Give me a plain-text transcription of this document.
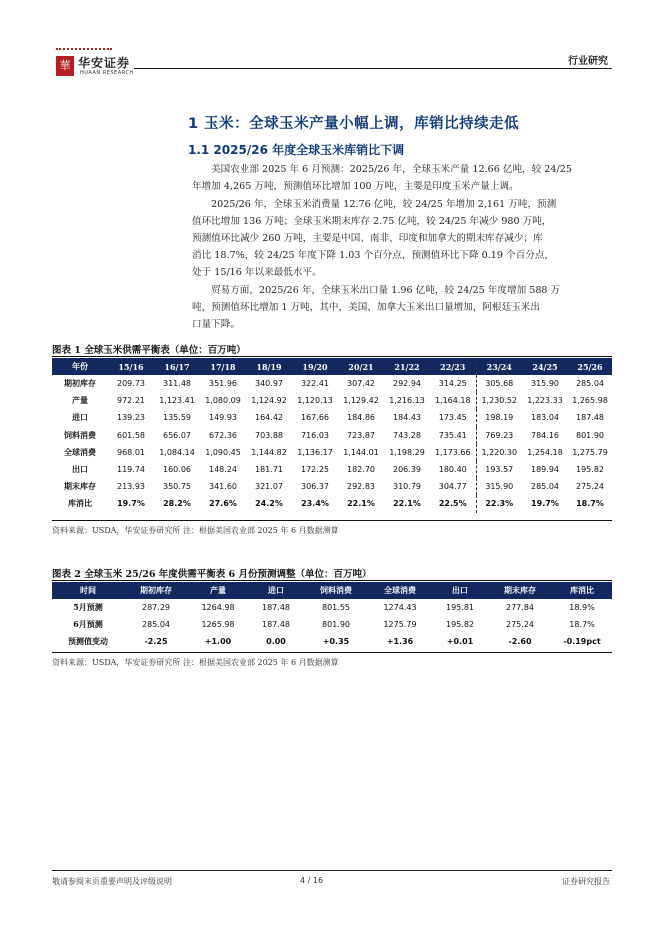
華 华安证券
HUAAN RESEARCH
行业研究
1 玉米：全球玉米产量小幅上调，库销比持续走低
1.1 2025/26 年度全球玉米库销比下调
美国农业部 2025 年 6 月预测：2025/26 年，全球玉米产量 12.66 亿吨，较 24/25
年增加 4,265 万吨，预测值环比增加 100 万吨，主要是印度玉米产量上调。
2025/26 年，全球玉米消费量 12.76 亿吨，较 24/25 年增加 2,161 万吨，预测
值环比增加 136 万吨；全球玉米期末库存 2.75 亿吨，较 24/25 年减少 980 万吨，
预测值环比减少 260 万吨，主要是中国、南非、印度和加拿大的期末库存减少；库
消比 18.7%，较 24/25 年度下降 1.03 个百分点，预测值环比下降 0.19 个百分点，
处于 15/16 年以来最低水平。
贸易方面，2025/26 年，全球玉米出口量 1.96 亿吨，较 24/25 年度增加 588 万
吨，预测值环比增加 1 万吨，其中，美国、加拿大玉米出口量增加，阿根廷玉米出
口量下降。
图表 1 全球玉米供需平衡表（单位：百万吨）
年份	15/16	16/17	17/18	18/19	19/20	20/21	21/22	22/23	23/24	24/25	25/26
期初库存	209.73	311.48	351.96	340.97	322.41	307.42	292.94	314.25	305.68	315.90	285.04
产量	972.21	1,123.41	1,080.09	1,124.92	1,120.13	1,129.42	1,216.13	1,164.18	1,230.52	1,223.33	1,265.98
进口	139.23	135.59	149.93	164.42	167.66	184.86	184.43	173.45	198.19	183.04	187.48
饲料消费	601.58	656.07	672.36	703.88	716.03	723.87	743.28	735.41	769.23	784.16	801.90
全球消费	968.01	1,084.14	1,090.45	1,144.82	1,136.17	1,144.01	1,198.29	1,173.66	1,220.30	1,254.18	1,275.79
出口	119.74	160.06	148.24	181.71	172.25	182.70	206.39	180.40	193.57	189.94	195.82
期末库存	213.93	350.75	341.60	321.07	306.37	292.83	310.79	304.77	315.90	285.04	275.24
库消比	19.7%	28.2%	27.6%	24.2%	23.4%	22.1%	22.1%	22.5%	22.3%	19.7%	18.7%
资料来源：USDA，华安证券研究所 注：根据美国农业部 2025 年 6 月数据测算
图表 2 全球玉米 25/26 年度供需平衡表 6 月份预测调整（单位：百万吨）
时间	期初库存	产量	进口	饲料消费	全球消费	出口	期末库存	库消比
5月预测	287.29	1264.98	187.48	801.55	1274.43	195.81	277.84	18.9%
6月预测	285.04	1265.98	187.48	801.90	1275.79	195.82	275.24	18.7%
预测值变动	-2.25	+1.00	0.00	+0.35	+1.36	+0.01	-2.60	-0.19pct
资料来源：USDA，华安证券研究所 注：根据美国农业部 2025 年 6 月数据测算
敬请参阅末页重要声明及评级说明	4 / 16	证券研究报告
